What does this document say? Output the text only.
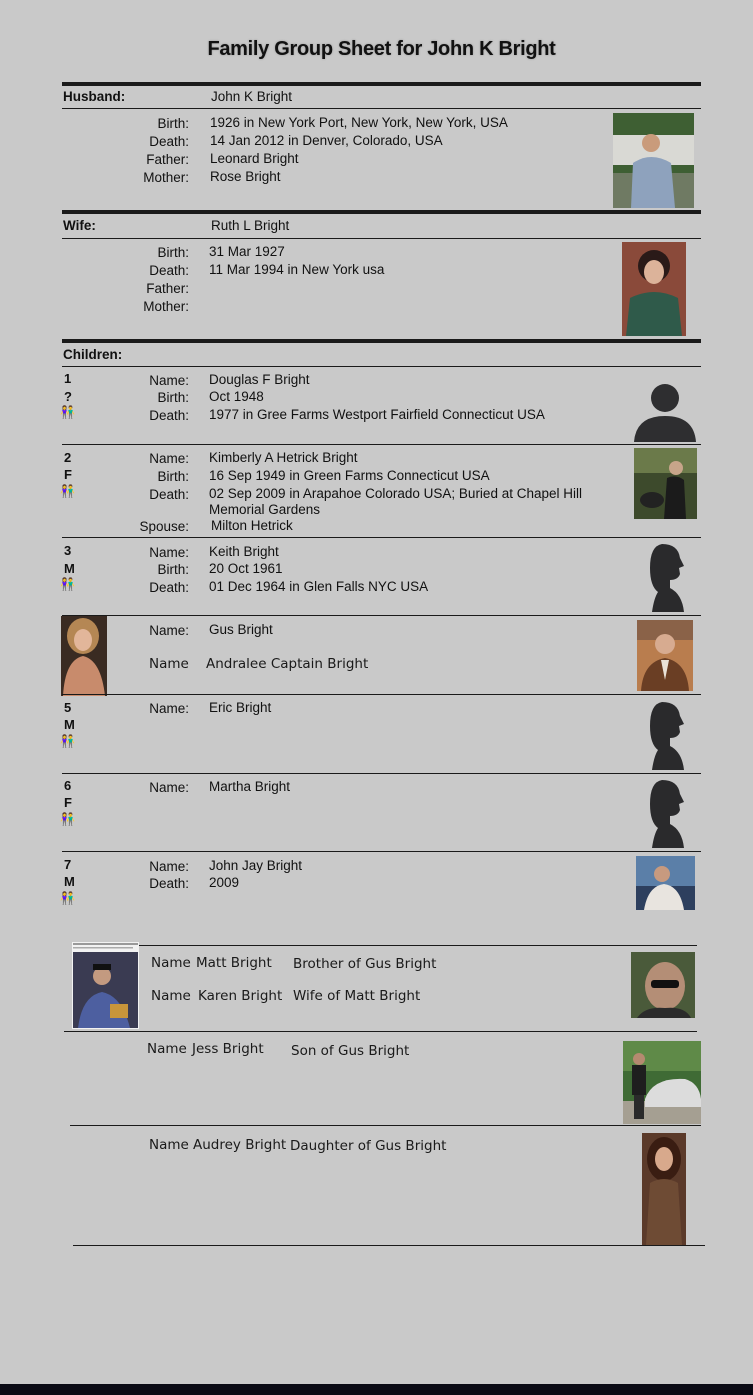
Family Group Sheet for John K Bright
Husband:	John K Bright
Birth: 1926 in New York Port, New York, New York, USA
Death: 14 Jan 2012 in Denver, Colorado, USA
Father: Leonard Bright
Mother: Rose Bright
Wife:	Ruth L Bright
Birth: 31 Mar 1927
Death: 11 Mar 1994 in New York usa
Father:
Mother:
Children:
1
?
👫
Name: Douglas F Bright
Birth: Oct 1948
Death: 1977 in Gree Farms Westport Fairfield Connecticut USA
2
F
👫
Name: Kimberly A Hetrick Bright
Birth: 16 Sep 1949 in Green Farms Connecticut USA
Death: 02 Sep 2009 in Arapahoe Colorado USA; Buried at Chapel Hill
Memorial Gardens
Spouse: Milton Hetrick
3
M
👫
Name: Keith Bright
Birth: 20 Oct 1961
Death: 01 Dec 1964 in Glen Falls NYC USA
Name: Gus Bright
Name Andralee Captain Bright
5
M
👫
Name: Eric Bright
6
F
👫
Name: Martha Bright
7
M
👫
Name: John Jay Bright
Death: 2009
Name Matt Bright Brother of Gus Bright
Name Karen Bright Wife of Matt Bright
Name Jess Bright Son of Gus Bright
Name Audrey Bright Daughter of Gus Bright
